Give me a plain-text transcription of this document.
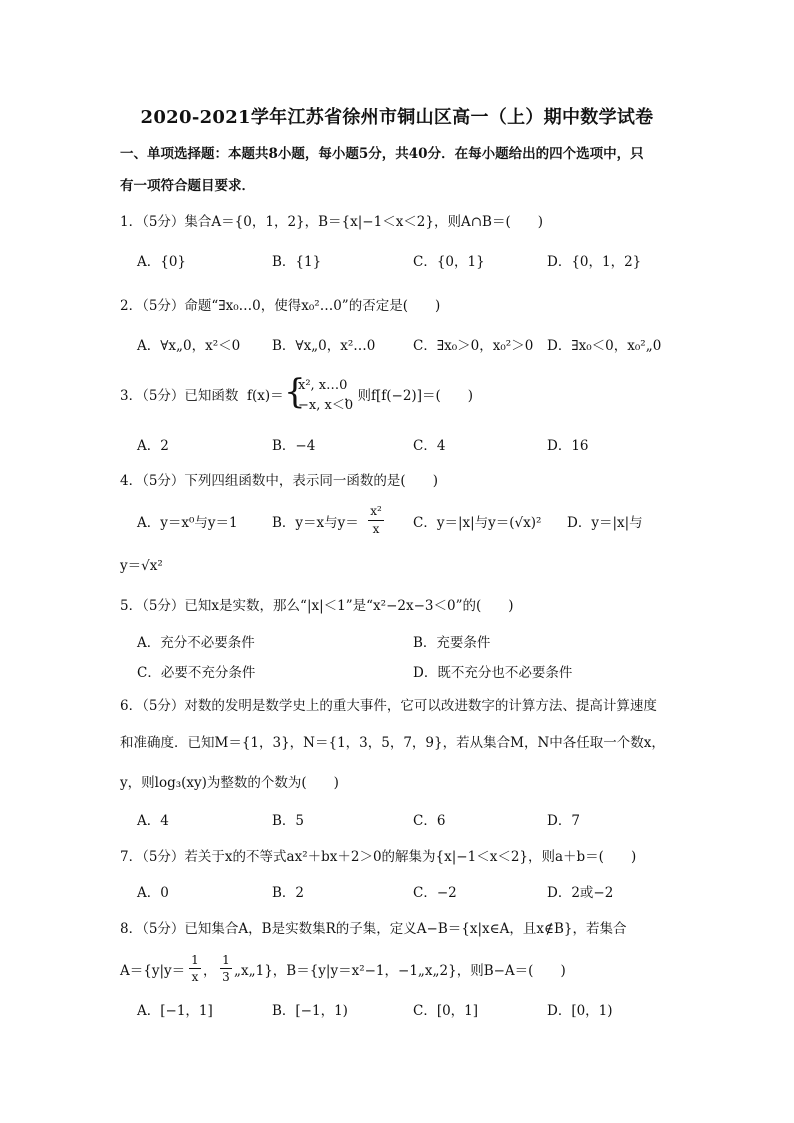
2020-2021学年江苏省徐州市铜山区高一（上）期中数学试卷
一、单项选择题：本题共8小题，每小题5分，共40分．在每小题给出的四个选项中，只
有一项符合题目要求．
1．（5分）集合A＝{0，1，2}，B＝{x|−1＜x＜2}，则A∩B＝(　　)
A．{0}	B．{1}	C．{0，1}	D．{0，1，2}
2．（5分）命题“∃x₀…0，使得x₀²…0”的否定是(　　)
A．∀x„0，x²＜0 B．∀x„0，x²…0	C．∃x₀＞0，x₀²＞0 D．∃x₀＜0，x₀²„0
3．（5分）已知函数 f(x)＝ {
x², x…0
−x, x＜0
，则f[f(−2)]＝(　　)
A．2	B．−4	C．4	D．16
4．（5分）下列四组函数中，表示同一函数的是(　　)
A．y＝x⁰与y＝1	B．y＝x与y＝
x²
x	C．y＝|x|与y＝(√x)² D．y＝|x|与
y＝√x²
5．（5分）已知x是实数，那么“|x|＜1”是“x²−2x−3＜0”的(　　)
A．充分不必要条件	B．充要条件
C．必要不充分条件	D．既不充分也不必要条件
6．（5分）对数的发明是数学史上的重大事件，它可以改进数字的计算方法、提高计算速度
和准确度．已知M＝{1，3}，N＝{1，3，5，7，9}，若从集合M，N中各任取一个数x，
y，则log₃(xy)为整数的个数为(　　)
A．4	B．5	C．6	D．7
7．（5分）若关于x的不等式ax²＋bx＋2＞0的解集为{x|−1＜x＜2}，则a＋b＝(　　)
A．0	B．2	C．−2	D．2或−2
8．（5分）已知集合A，B是实数集R的子集，定义A−B＝{x|x∈A，且x∉B}，若集合
A＝{y|y＝
1
x ，
1
3 „x„1}，B＝{y|y＝x²−1，−1„x„2}，则B−A＝(　　)
A．[−1，1]	B．[−1，1)	C．[0，1]	D．[0，1)
